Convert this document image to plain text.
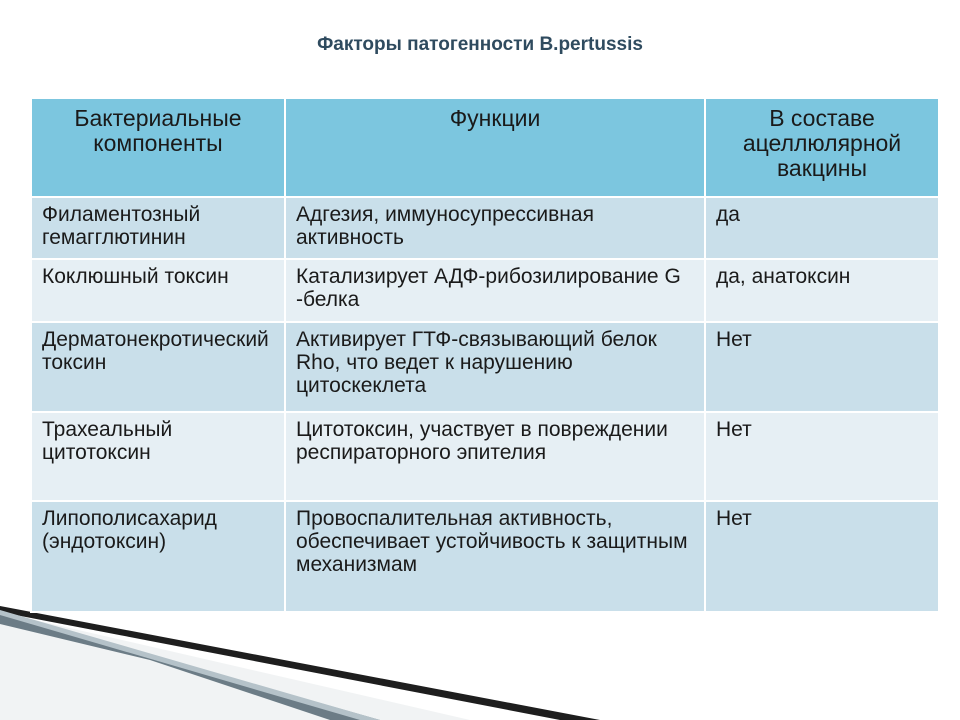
Факторы патогенности B.pertussis
Бактериальные компоненты	Функции	В составе ацеллюлярной вакцины
Филаментозный гемагглютинин	Адгезия, иммуносупрессивная активность	да
Коклюшный токсин	Катализирует АДФ-рибозилирование G -белка	да, анатоксин
Дерматонекротический токсин	Активирует ГТФ-связывающий белок Rho, что ведет к нарушению цитоскеклета	Нет
Трахеальный цитотоксин	Цитотоксин, участвует в повреждении респираторного эпителия	Нет
Липополисахарид (эндотоксин)	Провоспалительная активность, обеспечивает устойчивость к защитным механизмам	Нет
